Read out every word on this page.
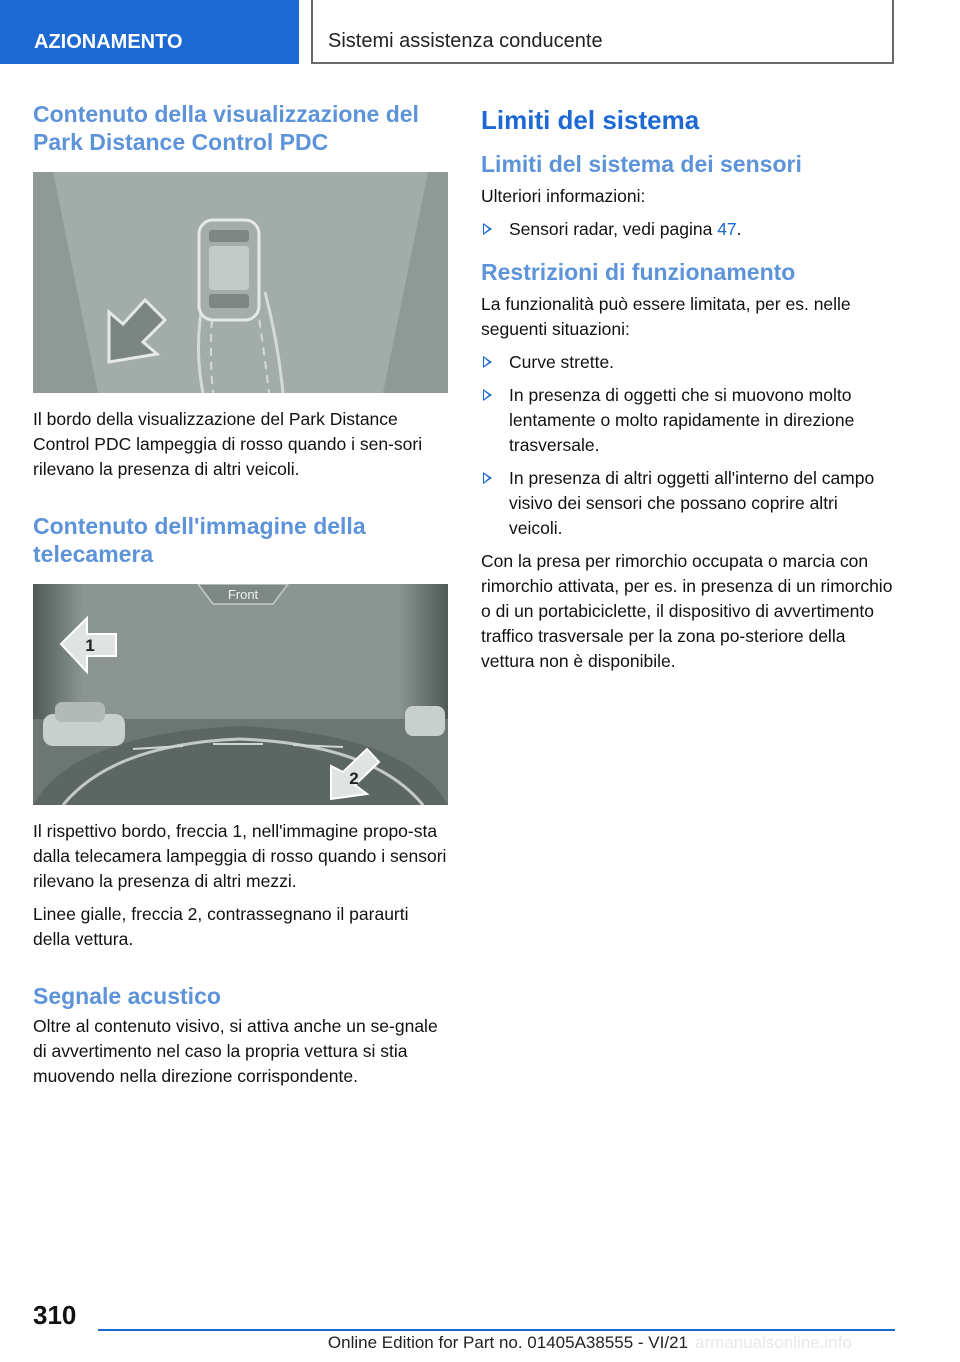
AZIONAMENTO	Sistemi assistenza conducente
Contenuto della visualizzazione del Park Distance Control PDC

Il bordo della visualizzazione del Park Distance Control PDC lampeggia di rosso quando i sen-sori rilevano la presenza di altri veicoli.

Contenuto dell'immagine della telecamera
Front
1
2

Il rispettivo bordo, freccia 1, nell'immagine propo-sta dalla telecamera lampeggia di rosso quando i sensori rilevano la presenza di altri mezzi.

Linee gialle, freccia 2, contrassegnano il paraurti della vettura.

Segnale acustico

Oltre al contenuto visivo, si attiva anche un se-gnale di avvertimento nel caso la propria vettura si stia muovendo nella direzione corrispondente.

Limiti del sistema
Limiti del sistema dei sensori

Ulteriori informazioni:

Sensori radar, vedi pagina 47.
Restrizioni di funzionamento

La funzionalità può essere limitata, per es. nelle seguenti situazioni:

Curve strette.
In presenza di oggetti che si muovono molto lentamente o molto rapidamente in direzione trasversale.
In presenza di altri oggetti all'interno del campo visivo dei sensori che possano coprire altri veicoli.

Con la presa per rimorchio occupata o marcia con rimorchio attivata, per es. in presenza di un rimorchio o di un portabiciclette, il dispositivo di avvertimento traffico trasversale per la zona po-steriore della vettura non è disponibile.

310
Online Edition for Part no. 01405A38555 - VI/21 armanualsonline.info
